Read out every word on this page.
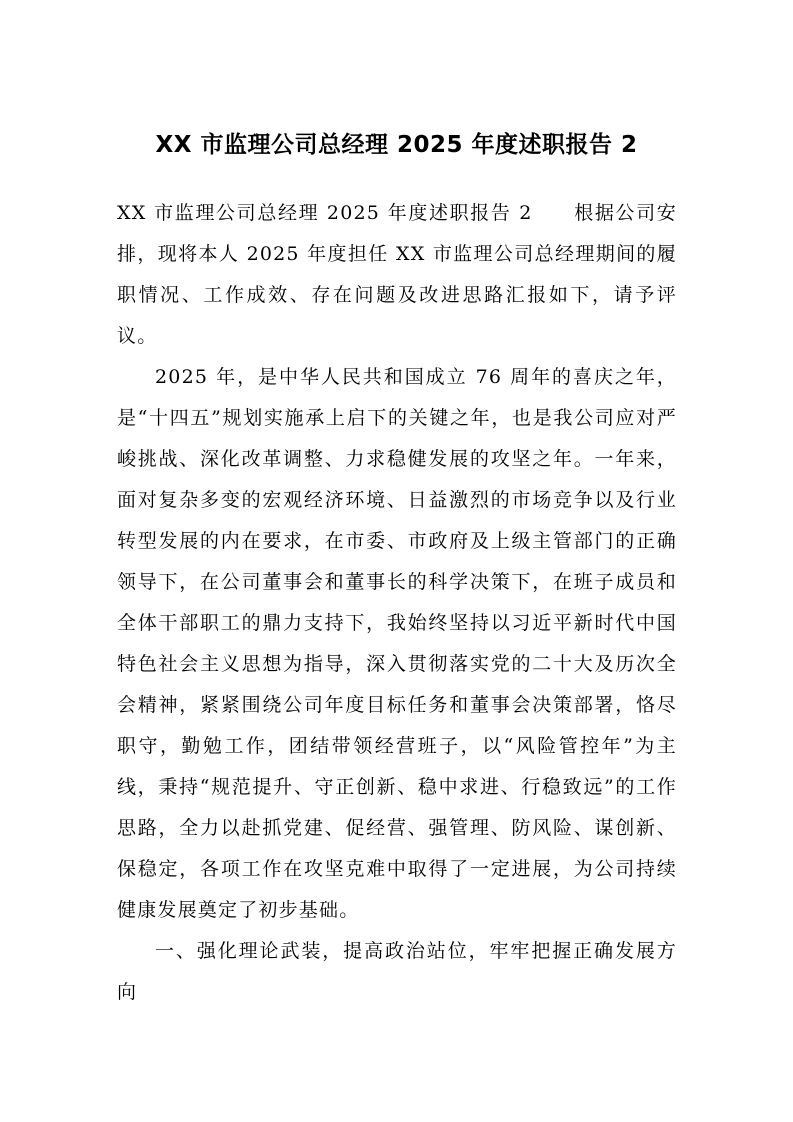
XX 市监理公司总经理 2025 年度述职报告 2

XX 市监理公司总经理 2025 年度述职报告 2　　根据公司安排，现将本人 2025 年度担任 XX 市监理公司总经理期间的履职情况、工作成效、存在问题及改进思路汇报如下，请予评议。

2025 年，是中华人民共和国成立 76 周年的喜庆之年，是“十四五”规划实施承上启下的关键之年，也是我公司应对严峻挑战、深化改革调整、力求稳健发展的攻坚之年。一年来，面对复杂多变的宏观经济环境、日益激烈的市场竞争以及行业转型发展的内在要求，在市委、市政府及上级主管部门的正确领导下，在公司董事会和董事长的科学决策下，在班子成员和全体干部职工的鼎力支持下，我始终坚持以习近平新时代中国特色社会主义思想为指导，深入贯彻落实党的二十大及历次全会精神，紧紧围绕公司年度目标任务和董事会决策部署，恪尽职守，勤勉工作，团结带领经营班子，以“风险管控年”为主线，秉持“规范提升、守正创新、稳中求进、行稳致远”的工作思路，全力以赴抓党建、促经营、强管理、防风险、谋创新、保稳定，各项工作在攻坚克难中取得了一定进展，为公司持续健康发展奠定了初步基础。

一、强化理论武装，提高政治站位，牢牢把握正确发展方向
